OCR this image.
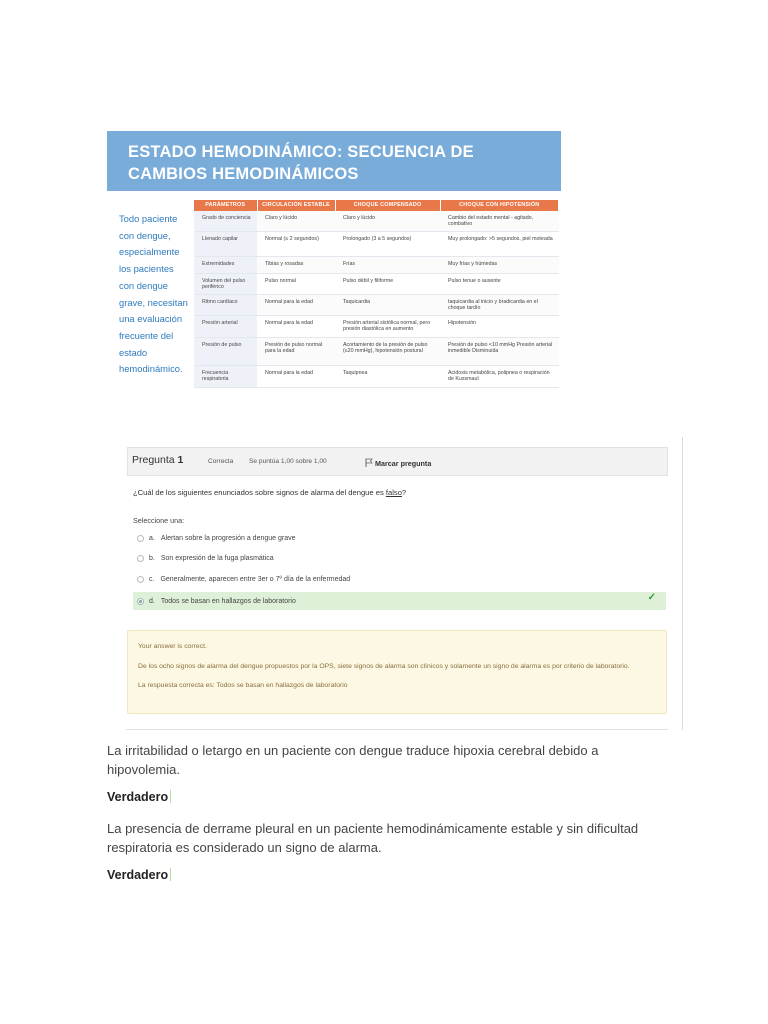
ESTADO HEMODINÁMICO: SECUENCIA DE
CAMBIOS HEMODINÁMICOS
Todo paciente
con dengue,
especialmente
los pacientes
con dengue
grave, necesitan
una evaluación
frecuente del
estado
hemodinámico.
PARÁMETROS	CIRCULACIÓN ESTABLE	CHOQUE COMPENSADO	CHOQUE CON HIPOTENSIÓN
Grado de conciencia	Claro y lúcido	Claro y lúcido	Cambio del estado mental - agitado, combativo
Llenado capilar	Normal (≤ 2 segundos)	Prolongado (3 a 5 segundos)	Muy prolongado: >5 segundos, piel moteada
Extremidades	Tibias y rosadas	Frías	Muy frías y húmedas
Volumen del pulso periférico	Pulso normal	Pulso débil y filiforme	Pulso tenue o ausente
Ritmo cardíaco	Normal para la edad	Taquicardia	taquicardia al inicio y bradicardia en el choque tardío
Presión arterial	Normal para la edad	Presión arterial sistólica normal, pero presión diastólica en aumento	Hipotensión
Presión de pulso	Presión de pulso normal para la edad	Acortamiento de la presión de pulso (≤20 mmHg), hipotensión postural	Presión de pulso <10 mmHg Presión arterial inmedible Disminuida
Frecuencia respiratoria	Normal para la edad	Taquipnea	Acidosis metabólica, polipnea o respiración de Kussmaul
Pregunta 1	Correcta Se puntúa 1,00 sobre 1,00	Marcar pregunta
¿Cuál de los siguientes enunciados sobre signos de alarma del dengue es falso?
Seleccione una:
a. Alertan sobre la progresión a dengue grave
b. Son expresión de la fuga plasmática
c. Generalmente, aparecen entre 3er o 7º día de la enfermedad
d. Todos se basan en hallazgos de laboratorio	✓

Your answer is correct.

De los ocho signos de alarma del dengue propuestos por la OPS, siete signos de alarma son clínicos y solamente un signo de alarma es por criterio de laboratorio.

La respuesta correcta es: Todos se basan en hallazgos de laboratorio

La irritabilidad o letargo en un paciente con dengue traduce hipoxia cerebral debido a hipovolemia.

Verdadero

La presencia de derrame pleural en un paciente hemodinámicamente estable y sin dificultad respiratoria es considerado un signo de alarma.

Verdadero
